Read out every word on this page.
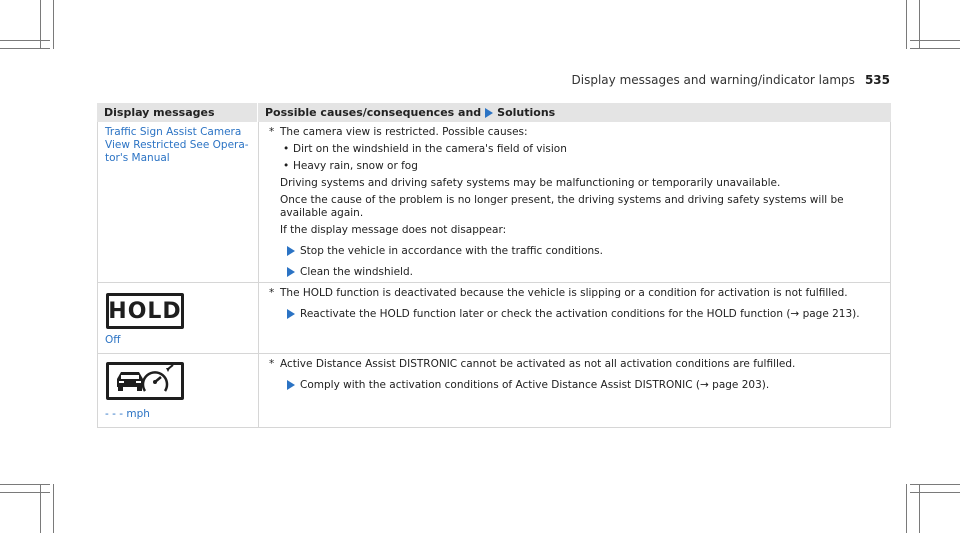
Display messages and warning/indicator lamps 535
Display messages	Possible causes/consequences and Solutions
Traffic Sign Assist Camera View Restricted See Opera-tor's Manual
* The camera view is restricted. Possible causes:
• Dirt on the windshield in the camera's field of vision
• Heavy rain, snow or fog
Driving systems and driving safety systems may be malfunctioning or temporarily unavailable.
Once the cause of the problem is no longer present, the driving systems and driving safety systems will be available again.
If the display message does not disappear:
Stop the vehicle in accordance with the traffic conditions.
Clean the windshield.
HOLD
Off
* The HOLD function is deactivated because the vehicle is slipping or a condition for activation is not fulfilled.
Reactivate the HOLD function later or check the activation conditions for the HOLD function (→ page 213).
- - - mph
* Active Distance Assist DISTRONIC cannot be activated as not all activation conditions are fulfilled.
Comply with the activation conditions of Active Distance Assist DISTRONIC (→ page 203).
